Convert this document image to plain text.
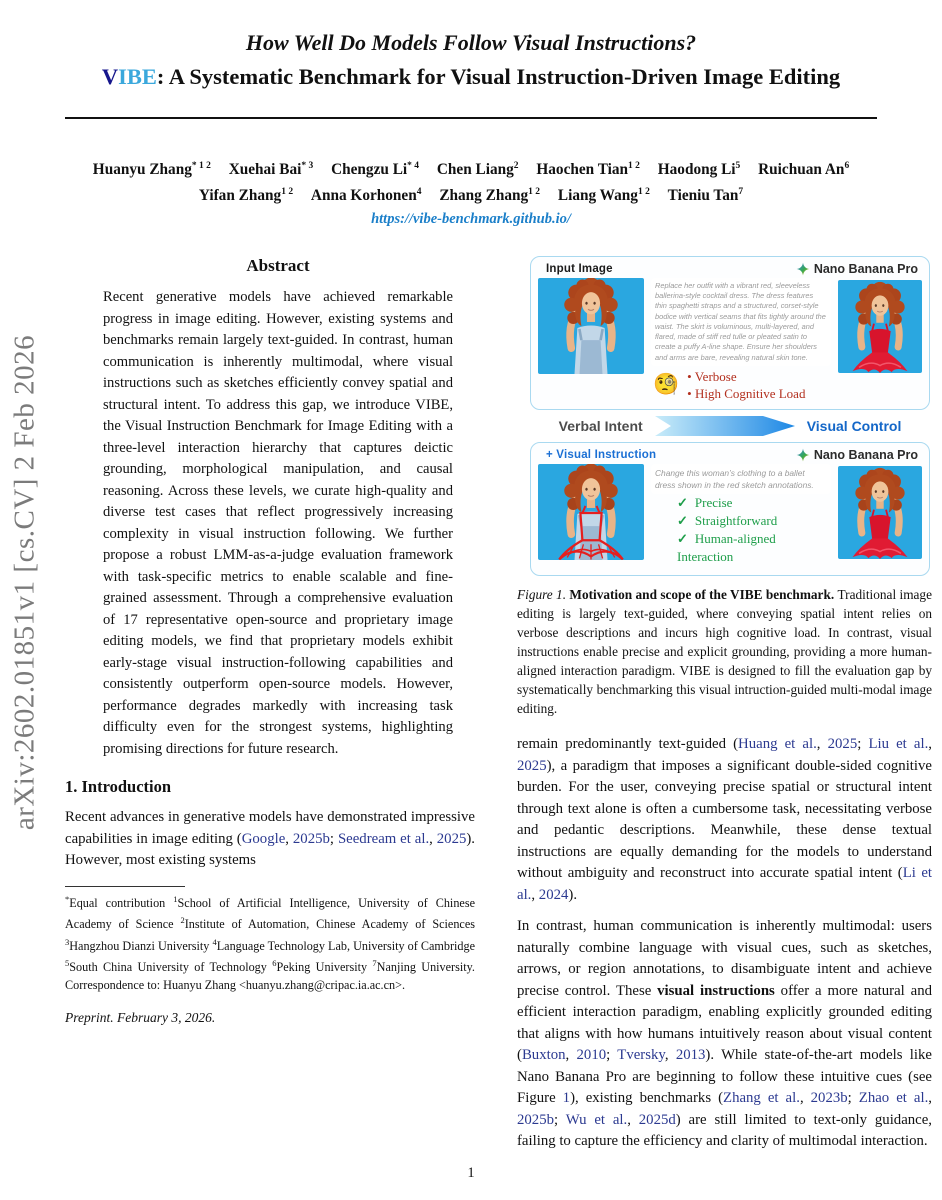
arXiv:2602.01851v1 [cs.CV] 2 Feb 2026
How Well Do Models Follow Visual Instructions?
VIBE: A Systematic Benchmark for Visual Instruction-Driven Image Editing
Huanyu Zhang$^{* 1 2}$ Xuehai Bai$^{* 3}$ Chengzu Li$^{* 4}$ Chen Liang$^2$ Haochen Tian$^{1 2}$ Haodong Li$^5$ Ruichuan An$^6$
Yifan Zhang$^{1 2}$ Anna Korhonen$^4$ Zhang Zhang$^{1 2}$ Liang Wang$^{1 2}$ Tieniu Tan$^7$
https://vibe-benchmark.github.io/
Abstract
Recent generative models have achieved remarkable progress in image editing. However, existing systems and benchmarks remain largely text-guided. In contrast, human communication is inherently multimodal, where visual instructions such as sketches efficiently convey spatial and structural intent. To address this gap, we introduce VIBE, the Visual Instruction Benchmark for Image Editing with a three-level interaction hierarchy that captures deictic grounding, morphological manipulation, and causal reasoning. Across these levels, we curate high-quality and diverse test cases that reflect progressively increasing complexity in visual instruction following. We further propose a robust LMM-as-a-judge evaluation framework with task-specific metrics to enable scalable and fine-grained assessment. Through a comprehensive evaluation of 17 representative open-source and proprietary image editing models, we find that proprietary models exhibit early-stage visual instruction-following capabilities and consistently outperform open-source models. However, performance degrades markedly with increasing task difficulty even for the strongest systems, highlighting promising directions for future research.
1. Introduction

Recent advances in generative models have demonstrated impressive capabilities in image editing (Google, 2025b; Seedream et al., 2025). However, most existing systems

*Equal contribution $^1$School of Artificial Intelligence, University of Chinese Academy of Science $^2$Institute of Automation, Chinese Academy of Sciences $^3$Hangzhou Dianzi University $^4$Language Technology Lab, University of Cambridge $^5$South China University of Technology $^6$Peking University $^7$Nanjing University. Correspondence to: Huanyu Zhang <huanyu.zhang@cripac.ia.ac.cn>.
Preprint. February 3, 2026.
Input Image	Nano Banana Pro
Replace her outfit with a vibrant red, sleeveless ballerina-style cocktail dress. The dress features thin spaghetti straps and a structured, corset-style bodice with vertical seams that fits tightly around the waist. The skirt is voluminous, multi-layered, and flared, made of stiff red tulle or pleated satin to create a puffy A-line shape. Ensure her shoulders and arms are bare, revealing natural skin tone.
🧐	• Verbose
• High Cognitive Load
Verbal Intent	Visual Control
+ Visual Instruction	Nano Banana Pro
Change this woman’s clothing to a ballet dress shown in the red sketch annotations.
✓ Precise
✓ Straightforward
✓ Human-aligned Interaction
Figure 1. Motivation and scope of the VIBE benchmark. Traditional image editing is largely text-guided, where conveying spatial intent relies on verbose descriptions and incurs high cognitive load. In contrast, visual instructions enable precise and explicit grounding, providing a more human-aligned interaction paradigm. VIBE is designed to fill the evaluation gap by systematically benchmarking this visual intruction-guided multi-modal image editing.

remain predominantly text-guided (Huang et al., 2025; Liu et al., 2025), a paradigm that imposes a significant double-sided cognitive burden. For the user, conveying precise spatial or structural intent through text alone is often a cumbersome task, necessitating verbose and pedantic descriptions. Meanwhile, these dense textual instructions are equally demanding for the models to understand without ambiguity and reconstruct into accurate spatial intent (Li et al., 2024).

In contrast, human communication is inherently multimodal: users naturally combine language with visual cues, such as sketches, arrows, or region annotations, to disambiguate intent and achieve precise control. These visual instructions offer a more natural and efficient interaction paradigm, enabling explicitly grounded editing that aligns with how humans intuitively reason about visual content (Buxton, 2010; Tversky, 2013). While state-of-the-art models like Nano Banana Pro are beginning to follow these intuitive cues (see Figure 1), existing benchmarks (Zhang et al., 2023b; Zhao et al., 2025b; Wu et al., 2025d) are still limited to text-only guidance, failing to capture the efficiency and clarity of multimodal interaction.

1
